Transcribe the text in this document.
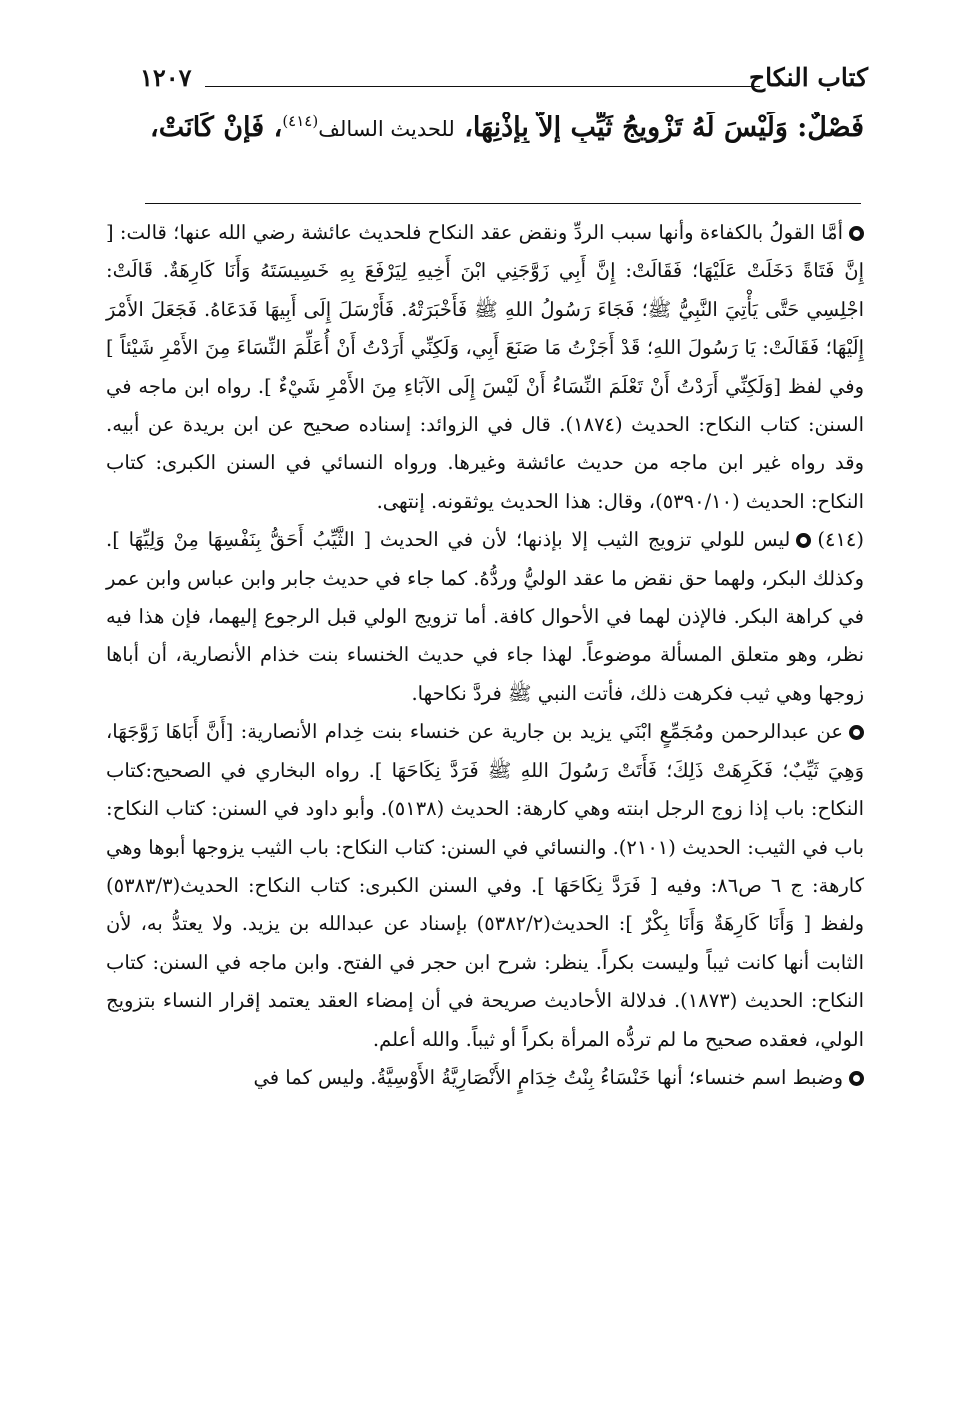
كتاب النكاح
١٢٠٧
فَصْلٌ: وَلَيْسَ لَهُ تَزْوِيجُ ثَيِّبٍ إِلاَّ بِإِذْنِهَا، للحديث السالف$^{(٤١٤)}$، فَإِنْ كَانَتْ،

أمَّا القولُ بالكفاءة وأنها سبب الردِّ ونقض عقد النكاح فلحديث عائشة رضي الله عنها؛ قالت: [ إِنَّ فَتَاةً دَخَلَتْ عَلَيْهَا؛ فَقَالَتْ: إِنَّ أَبِي زَوَّجَنِي ابْنَ أَخِيهِ لِيَرْفَعَ بِهِ خَسِيسَتَهُ وَأَنَا كَارِهَةٌ. قَالَتْ: اجْلِسِي حَتَّى يَأْتِيَ النَّبِيُّ ﷺ؛ فَجَاءَ رَسُولُ اللهِ ﷺ فَأَخْبَرَتْهُ. فَأَرْسَلَ إِلَى أَبِيهَا فَدَعَاهُ. فَجَعَلَ الأَمْرَ إِلَيْهَا؛ فَقَالَتْ: يَا رَسُولَ اللهِ؛ قَدْ أَجَزْتُ مَا صَنَعَ أَبِي، وَلَكِنِّي أَرَدْتُ أَنْ أُعَلِّمَ النِّسَاءَ مِنَ الأَمْرِ شَيْئاً ] وفي لفظ [وَلَكِنِّي أَرَدْتُ أَنْ تَعْلَمَ النِّسَاءُ أَنْ لَيْسَ إِلَى الآبَاءِ مِنَ الأَمْرِ شَيْءٌ ]. رواه ابن ماجه في السنن: كتاب النكاح: الحديث (١٨٧٤). قال في الزوائد: إسناده صحيح عن ابن بريدة عن أبيه. وقد رواه غير ابن ماجه من حديث عائشة وغيرها. ورواه النسائي في السنن الكبرى: كتاب النكاح: الحديث (٥٣٩٠/١٠)، وقال: هذا الحديث يوثقونه. إنتهى.

(٤١٤)ليس للولي تزويج الثيب إلا بإذنها؛ لأن في الحديث [ الثَّيِّبُ أَحَقُّ بِنَفْسِهَا مِنْ وَلِيِّهَا ]. وكذلك البكر، ولهما حق نقض ما عقد الوليُّ وردُّهُ. كما جاء في حديث جابر وابن عباس وابن عمر في كراهة البكر. فالإذن لهما في الأحوال كافة. أما تزويج الولي قبل الرجوع إليهما، فإن هذا فيه نظر، وهو متعلق المسألة موضوعاً. لهذا جاء في حديث الخنساء بنت خذام الأنصارية، أن أباها زوجها وهي ثيب فكرهت ذلك، فأتت النبي ﷺ فردَّ نكاحها.

عن عبدالرحمن ومُجَمِّعٍ ابْنَي يزيد بن جارية عن خنساء بنت خِدام الأنصارية: [أَنَّ أَبَاهَا زَوَّجَهَا، وَهِيَ ثَيِّبٌ؛ فَكَرِهَتْ ذَلِكَ؛ فَأَتَتْ رَسُولَ اللهِ ﷺ فَرَدَّ نِكَاحَهَا ]. رواه البخاري في الصحيح:كتاب النكاح: باب إذا زوج الرجل ابنته وهي كارهة: الحديث (٥١٣٨). وأبو داود في السنن: كتاب النكاح: باب في الثيب: الحديث (٢١٠١). والنسائي في السنن: كتاب النكاح: باب الثيب يزوجها أبوها وهي كارهة: ج ٦ ص٨٦: وفيه [ فَرَدَّ نِكَاحَهَا ]. وفي السنن الكبرى: كتاب النكاح: الحديث(٥٣٨٣/٣) ولفظ [ وَأَنَا كَارِهَةٌ وَأَنَا بِكْرٌ ]: الحديث(٥٣٨٢/٢) بإسناد عن عبدالله بن يزيد. ولا يعتدُّ به، لأن الثابت أنها كانت ثيباً وليست بكراً. ينظر: شرح ابن حجر في الفتح. وابن ماجه في السنن: كتاب النكاح: الحديث (١٨٧٣). فدلالة الأحاديث صريحة في أن إمضاء العقد يعتمد إقرار النساء بتزويج الولي، فعقده صحيح ما لم تردُّه المرأة بكراً أو ثيباً. والله أعلم.

وضبط اسم خنساء؛ أنها خَنْسَاءُ بِنْتُ خِدَامٍ الأَنْصَارِيَّةُ الأَوْسِيَّةُ. وليس كما في
